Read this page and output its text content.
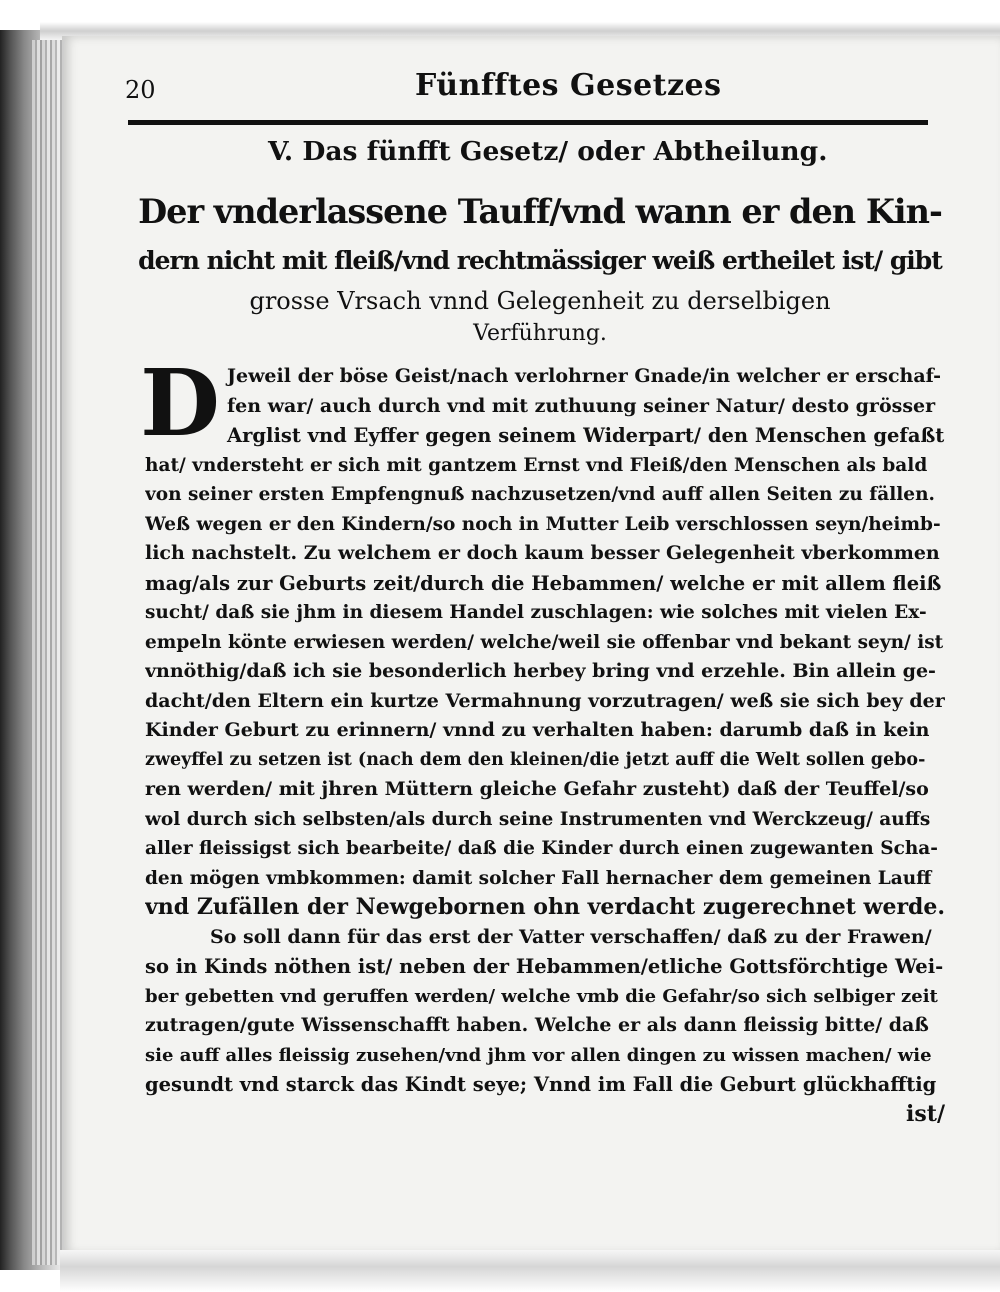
20	Fünfftes Gesetzes
V. Das fünfft Gesetz/ oder Abtheilung.
Der vnderlassene Tauff/vnd wann er den Kin-
dern nicht mit fleiß/vnd rechtmässiger weiß ertheilet ist/ gibt
grosse Vrsach vnnd Gelegenheit zu derselbigen
Verführung.
D Jeweil der böse Geist/nach verlohrner Gnade/in welcher er erschaf-
fen war/ auch durch vnd mit zuthuung seiner Natur/ desto grösser
Arglist vnd Eyffer gegen seinem Widerpart/ den Menschen gefaßt
hat/ vndersteht er sich mit gantzem Ernst vnd Fleiß/den Menschen als bald
von seiner ersten Empfengnuß nachzusetzen/vnd auff allen Seiten zu fällen.
Weß wegen er den Kindern/so noch in Mutter Leib verschlossen seyn/heimb-
lich nachstelt. Zu welchem er doch kaum besser Gelegenheit vberkommen
mag/als zur Geburts zeit/durch die Hebammen/ welche er mit allem fleiß
sucht/ daß sie jhm in diesem Handel zuschlagen: wie solches mit vielen Ex-
empeln könte erwiesen werden/ welche/weil sie offenbar vnd bekant seyn/ ist
vnnöthig/daß ich sie besonderlich herbey bring vnd erzehle. Bin allein ge-
dacht/den Eltern ein kurtze Vermahnung vorzutragen/ weß sie sich bey der
Kinder Geburt zu erinnern/ vnnd zu verhalten haben: darumb daß in kein
zweyffel zu setzen ist (nach dem den kleinen/die jetzt auff die Welt sollen gebo-
ren werden/ mit jhren Müttern gleiche Gefahr zusteht) daß der Teuffel/so
wol durch sich selbsten/als durch seine Instrumenten vnd Werckzeug/ auffs
aller fleissigst sich bearbeite/ daß die Kinder durch einen zugewanten Scha-
den mögen vmbkommen: damit solcher Fall hernacher dem gemeinen Lauff
vnd Zufällen der Newgebornen ohn verdacht zugerechnet werde.
So soll dann für das erst der Vatter verschaffen/ daß zu der Frawen/
so in Kinds nöthen ist/ neben der Hebammen/etliche Gottsförchtige Wei-
ber gebetten vnd geruffen werden/ welche vmb die Gefahr/so sich selbiger zeit
zutragen/gute Wissenschafft haben. Welche er als dann fleissig bitte/ daß
sie auff alles fleissig zusehen/vnd jhm vor allen dingen zu wissen machen/ wie
gesundt vnd starck das Kindt seye; Vnnd im Fall die Geburt glückhafftig
ist/
